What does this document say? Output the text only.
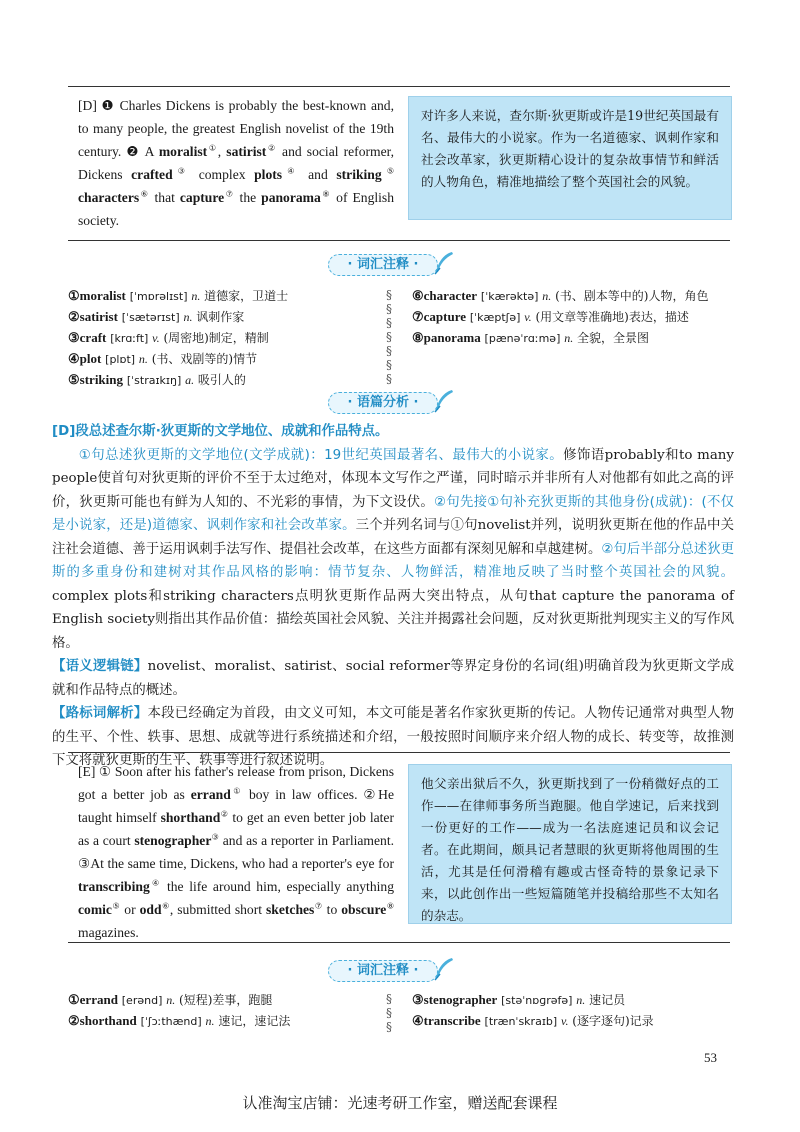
[D] ❶ Charles Dickens is probably the best-known and, to many people, the greatest English novelist of the 19th century. ❷ A moralist①, satirist② and social reformer, Dickens crafted③ complex plots④ and striking⑤ characters⑥ that capture⑦ the panorama⑧ of English society.
对许多人来说，查尔斯·狄更斯或许是19世纪英国最有名、最伟大的小说家。作为一名道德家、讽刺作家和社会改革家，狄更斯精心设计的复杂故事情节和鲜活的人物角色，精准地描绘了整个英国社会的风貌。
· 词汇注释 ·
①moralist [ˈmɒrəlɪst] n. 道德家，卫道士
②satirist [ˈsætərɪst] n. 讽刺作家
③craft [krɑːft] v. (周密地)制定，精制
④plot [plɒt] n. (书、戏剧等的)情节
⑤striking [ˈstraɪkɪŋ] a. 吸引人的
§
§
§
§
§
§
§
⑥character [ˈkærəktə] n. (书、剧本等中的)人物，角色
⑦capture [ˈkæptʃə] v. (用文章等准确地)表达，描述
⑧panorama [pænəˈrɑːmə] n. 全貌，全景图
· 语篇分析 ·
[D]段总述查尔斯·狄更斯的文学地位、成就和作品特点。
①句总述狄更斯的文学地位(文学成就)：19世纪英国最著名、最伟大的小说家。修饰语probably和to many people使首句对狄更斯的评价不至于太过绝对，体现本文写作之严谨，同时暗示并非所有人对他都有如此之高的评价，狄更斯可能也有鲜为人知的、不光彩的事情，为下文设伏。②句先接①句补充狄更斯的其他身份(成就)：(不仅是小说家，还是)道德家、讽刺作家和社会改革家。三个并列名词与①句novelist并列，说明狄更斯在他的作品中关注社会道德、善于运用讽刺手法写作、提倡社会改革，在这些方面都有深刻见解和卓越建树。②句后半部分总述狄更斯的多重身份和建树对其作品风格的影响：情节复杂、人物鲜活，精准地反映了当时整个英国社会的风貌。complex plots和striking characters点明狄更斯作品两大突出特点，从句that capture the panorama of English society则指出其作品价值：描绘英国社会风貌、关注并揭露社会问题，反对狄更斯批判现实主义的写作风格。
【语义逻辑链】novelist、moralist、satirist、social reformer等界定身份的名词(组)明确首段为狄更斯文学成就和作品特点的概述。
【路标词解析】本段已经确定为首段，由文义可知，本文可能是著名作家狄更斯的传记。人物传记通常对典型人物的生平、个性、轶事、思想、成就等进行系统描述和介绍，一般按照时间顺序来介绍人物的成长、转变等，故推测下文将就狄更斯的生平、轶事等进行叙述说明。
[E] ① Soon after his father's release from prison, Dickens got a better job as errand① boy in law offices. ②He taught himself shorthand② to get an even better job later as a court stenographer③ and as a reporter in Parliament. ③At the same time, Dickens, who had a reporter's eye for transcribing④ the life around him, especially anything comic⑤ or odd⑥, submitted short sketches⑦ to obscure⑧ magazines.
他父亲出狱后不久，狄更斯找到了一份稍微好点的工作——在律师事务所当跑腿。他自学速记，后来找到一份更好的工作——成为一名法庭速记员和议会记者。在此期间，颇具记者慧眼的狄更斯将他周围的生活，尤其是任何滑稽有趣或古怪奇特的景象记录下来，以此创作出一些短篇随笔并投稿给那些不太知名的杂志。
· 词汇注释 ·
①errand [erənd] n. (短程)差事，跑腿
②shorthand [ˈʃɔːthænd] n. 速记，速记法
§
§
§
③stenographer [stəˈnɒɡrəfə] n. 速记员
④transcribe [trænˈskraɪb] v. (逐字逐句)记录
53
认准淘宝店铺：光速考研工作室，赠送配套课程
